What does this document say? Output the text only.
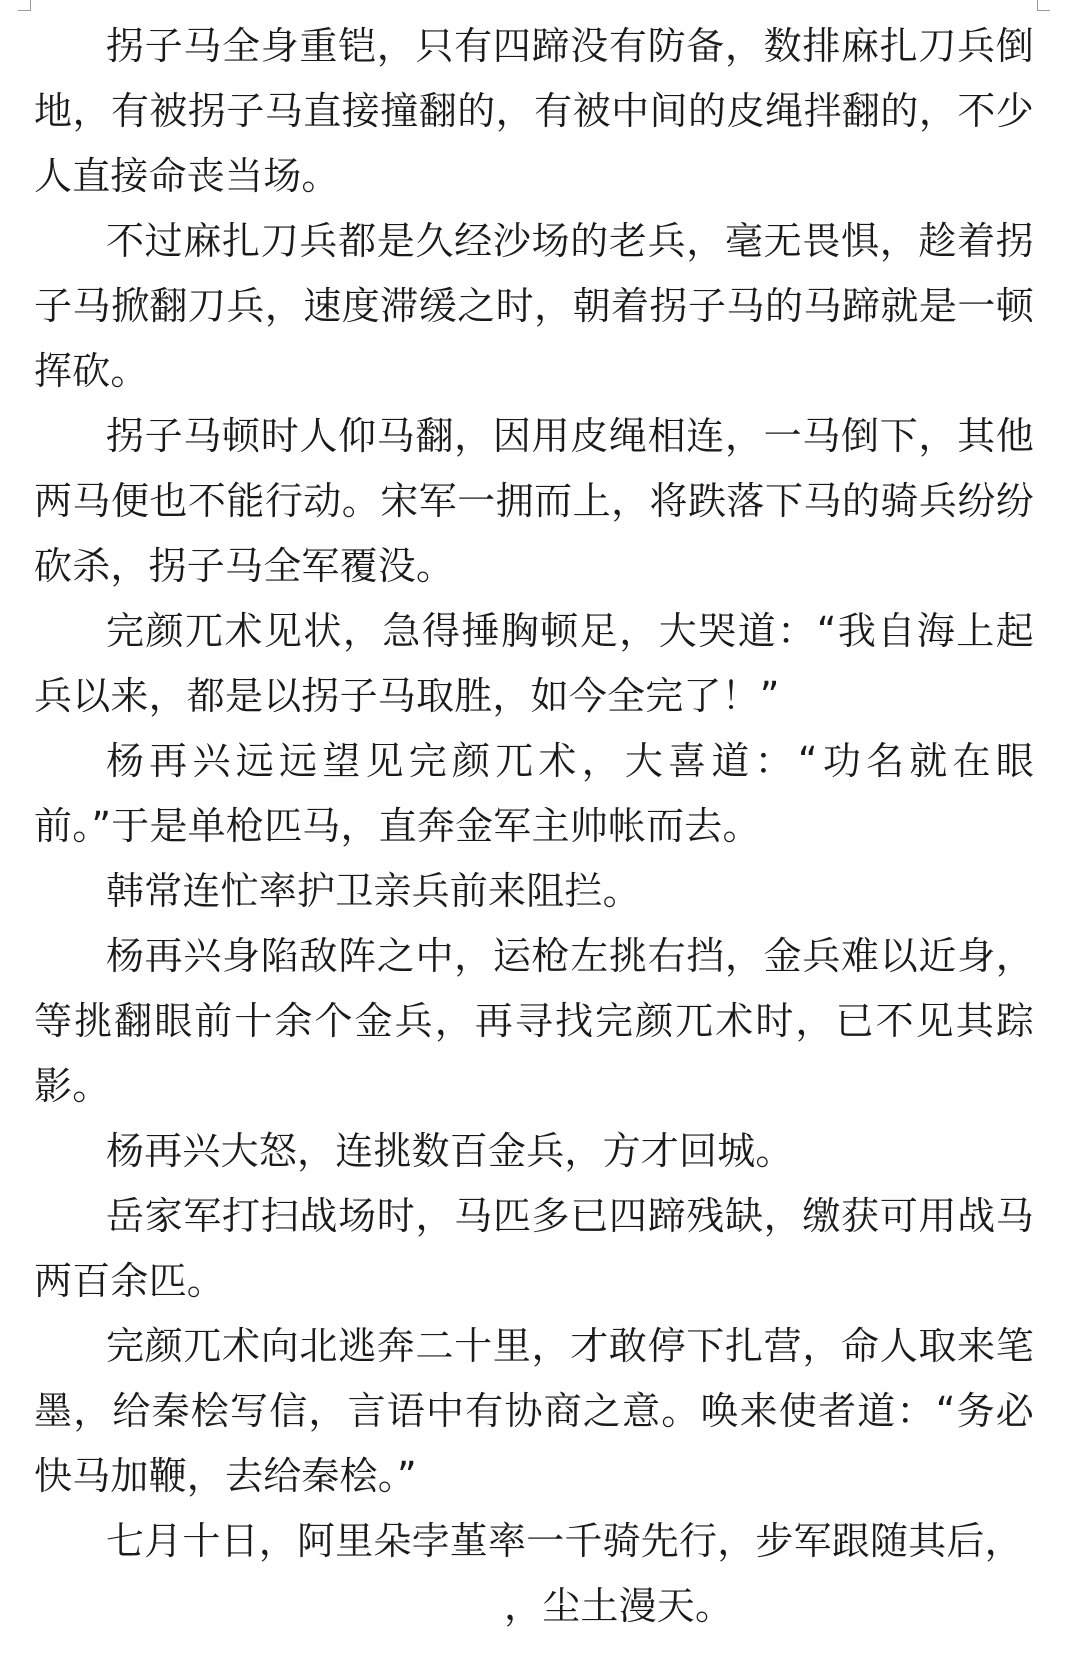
拐子马全身重铠，只有四蹄没有防备，数排麻扎刀兵倒地，有被拐子马直接撞翻的，有被中间的皮绳拌翻的，不少人直接命丧当场。

不过麻扎刀兵都是久经沙场的老兵，毫无畏惧，趁着拐子马掀翻刀兵，速度滞缓之时，朝着拐子马的马蹄就是一顿挥砍。

拐子马顿时人仰马翻，因用皮绳相连，一马倒下，其他两马便也不能行动。宋军一拥而上，将跌落下马的骑兵纷纷砍杀，拐子马全军覆没。

完颜兀术见状，急得捶胸顿足，大哭道：“我自海上起兵以来，都是以拐子马取胜，如今全完了！”

杨再兴远远望见完颜兀术，大喜道：“功名就在眼前。”于是单枪匹马，直奔金军主帅帐而去。

韩常连忙率护卫亲兵前来阻拦。

杨再兴身陷敌阵之中，运枪左挑右挡，金兵难以近身，等挑翻眼前十余个金兵，再寻找完颜兀术时，已不见其踪影。

杨再兴大怒，连挑数百金兵，方才回城。

岳家军打扫战场时，马匹多已四蹄残缺，缴获可用战马两百余匹。

完颜兀术向北逃奔二十里，才敢停下扎营，命人取来笔墨，给秦桧写信，言语中有协商之意。唤来使者道：“务必快马加鞭，去给秦桧。”

七月十日，阿里朵孛堇率一千骑先行，步军跟随其后，

，尘土漫天。
